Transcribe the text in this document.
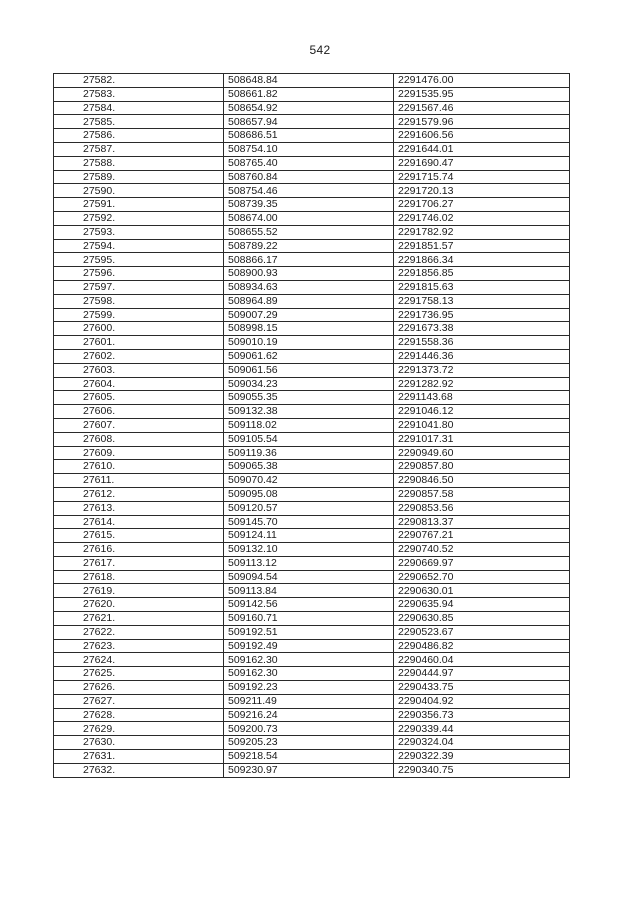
542
27582.	508648.84	2291476.00
27583.	508661.82	2291535.95
27584.	508654.92	2291567.46
27585.	508657.94	2291579.96
27586.	508686.51	2291606.56
27587.	508754.10	2291644.01
27588.	508765.40	2291690.47
27589.	508760.84	2291715.74
27590.	508754.46	2291720.13
27591.	508739.35	2291706.27
27592.	508674.00	2291746.02
27593.	508655.52	2291782.92
27594.	508789.22	2291851.57
27595.	508866.17	2291866.34
27596.	508900.93	2291856.85
27597.	508934.63	2291815.63
27598.	508964.89	2291758.13
27599.	509007.29	2291736.95
27600.	508998.15	2291673.38
27601.	509010.19	2291558.36
27602.	509061.62	2291446.36
27603.	509061.56	2291373.72
27604.	509034.23	2291282.92
27605.	509055.35	2291143.68
27606.	509132.38	2291046.12
27607.	509118.02	2291041.80
27608.	509105.54	2291017.31
27609.	509119.36	2290949.60
27610.	509065.38	2290857.80
27611.	509070.42	2290846.50
27612.	509095.08	2290857.58
27613.	509120.57	2290853.56
27614.	509145.70	2290813.37
27615.	509124.11	2290767.21
27616.	509132.10	2290740.52
27617.	509113.12	2290669.97
27618.	509094.54	2290652.70
27619.	509113.84	2290630.01
27620.	509142.56	2290635.94
27621.	509160.71	2290630.85
27622.	509192.51	2290523.67
27623.	509192.49	2290486.82
27624.	509162.30	2290460.04
27625.	509162.30	2290444.97
27626.	509192.23	2290433.75
27627.	509211.49	2290404.92
27628.	509216.24	2290356.73
27629.	509200.73	2290339.44
27630.	509205.23	2290324.04
27631.	509218.54	2290322.39
27632.	509230.97	2290340.75
